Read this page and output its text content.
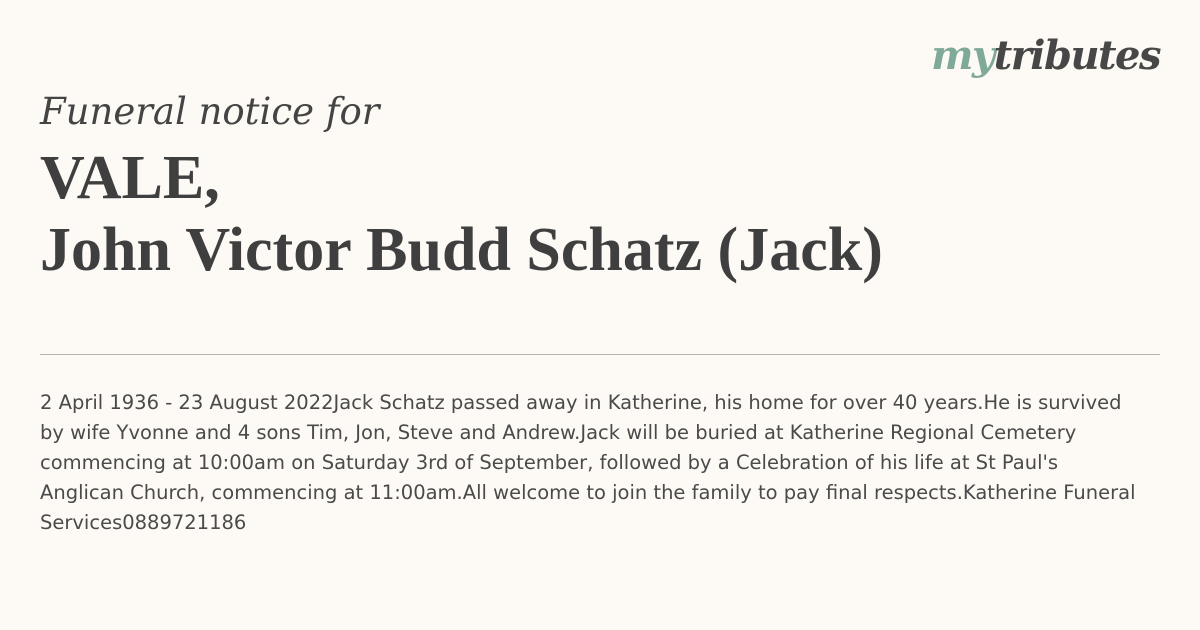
mytributes
Funeral notice for
VALE,
John Victor Budd Schatz (Jack)

2 April 1936 - 23 August 2022Jack Schatz passed away in Katherine, his home for over 40 years.He is survived
by wife Yvonne and 4 sons Tim, Jon, Steve and Andrew.Jack will be buried at Katherine Regional Cemetery
commencing at 10:00am on Saturday 3rd of September, followed by a Celebration of his life at St Paul's
Anglican Church, commencing at 11:00am.All welcome to join the family to pay final respects.Katherine Funeral
Services0889721186
